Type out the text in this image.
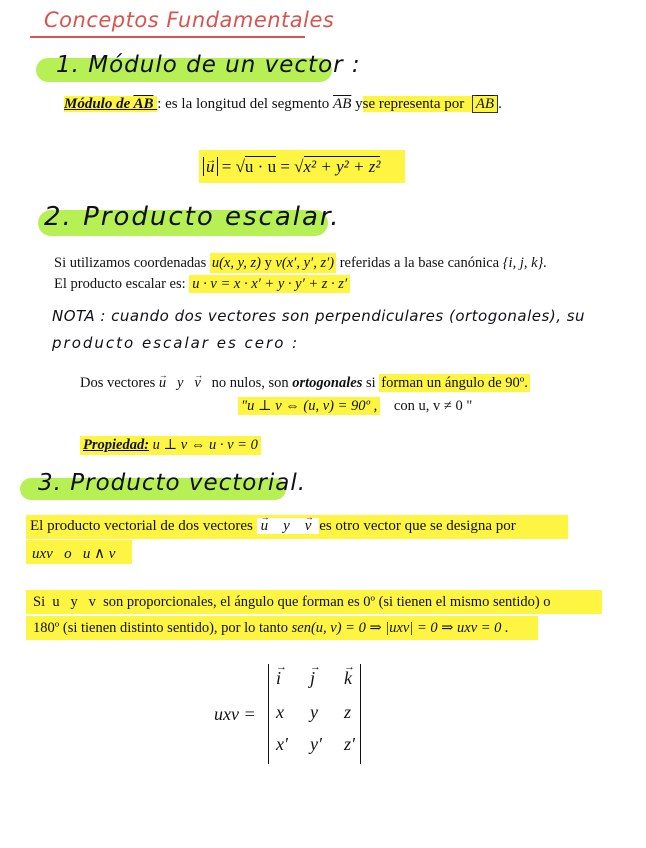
Conceptos Fundamentales
1. Módulo de un vector :
Módulo de AB : es la longitud del segmento $\overline{AB}$ yse representa por $\overline{AB}$ .
→ u = √u · u = √x² + y² + z²
2. Producto escalar.
Si utilizamos coordenadas u(x, y, z) y v(x′, y′, z′) referidas a la base canónica {i, j, k}.
El producto escalar es: u · v = x · x′ + y · y′ + z · z′
NOTA : cuando dos vectores son perpendiculares (ortogonales), su
producto escalar es cero :
Dos vectores → u y → v no nulos, son ortogonales si forman un ángulo de 90º.
"u ⊥ v ⇔ (u, v) = 90º , con u, v ≠ 0 "
Propiedad: u ⊥ v ⇔ u · v = 0
3. Producto vectorial.
El producto vectorial de dos vectores → u y → v es otro vector que se designa por
uxv   o   u ∧ v
Si  u   y   v  son proporcionales, el ángulo que forman es 0º (si tienen el mismo sentido) o
180º (si tienen distinto sentido), por lo tanto sen(u, v) = 0 ⇒ |uxv| = 0 ⇒ uxv = 0 .
uxv =
→ i → j → k
x y z
x′ y′ z′
